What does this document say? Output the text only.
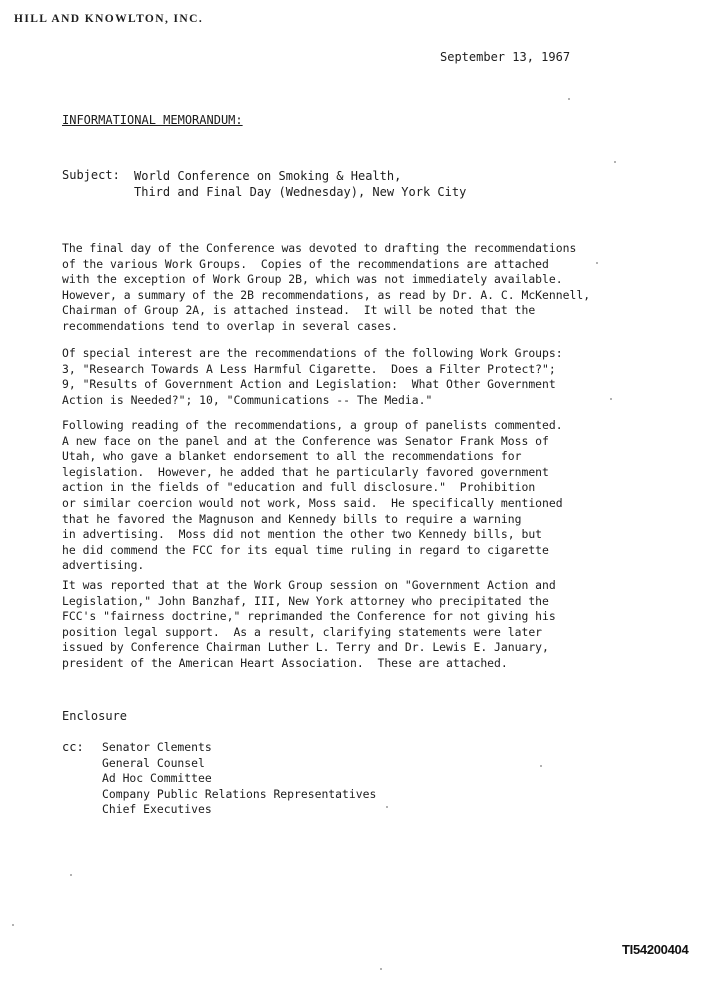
HILL AND KNOWLTON, INC.
September 13, 1967
INFORMATIONAL MEMORANDUM:
Subject: World Conference on Smoking & Health,
Third and Final Day (Wednesday), New York City
The final day of the Conference was devoted to drafting the recommendations
of the various Work Groups.  Copies of the recommendations are attached
with the exception of Work Group 2B, which was not immediately available.
However, a summary of the 2B recommendations, as read by Dr. A. C. McKennell,
Chairman of Group 2A, is attached instead.  It will be noted that the
recommendations tend to overlap in several cases.
Of special interest are the recommendations of the following Work Groups:
3, "Research Towards A Less Harmful Cigarette.  Does a Filter Protect?";
9, "Results of Government Action and Legislation:  What Other Government
Action is Needed?"; 10, "Communications -- The Media."
Following reading of the recommendations, a group of panelists commented.
A new face on the panel and at the Conference was Senator Frank Moss of
Utah, who gave a blanket endorsement to all the recommendations for
legislation.  However, he added that he particularly favored government
action in the fields of "education and full disclosure."  Prohibition
or similar coercion would not work, Moss said.  He specifically mentioned
that he favored the Magnuson and Kennedy bills to require a warning
in advertising.  Moss did not mention the other two Kennedy bills, but
he did commend the FCC for its equal time ruling in regard to cigarette
advertising.
It was reported that at the Work Group session on "Government Action and
Legislation," John Banzhaf, III, New York attorney who precipitated the
FCC's "fairness doctrine," reprimanded the Conference for not giving his
position legal support.  As a result, clarifying statements were later
issued by Conference Chairman Luther L. Terry and Dr. Lewis E. January,
president of the American Heart Association.  These are attached.
Enclosure
cc: Senator Clements
General Counsel
Ad Hoc Committee
Company Public Relations Representatives
Chief Executives
TI54200404
